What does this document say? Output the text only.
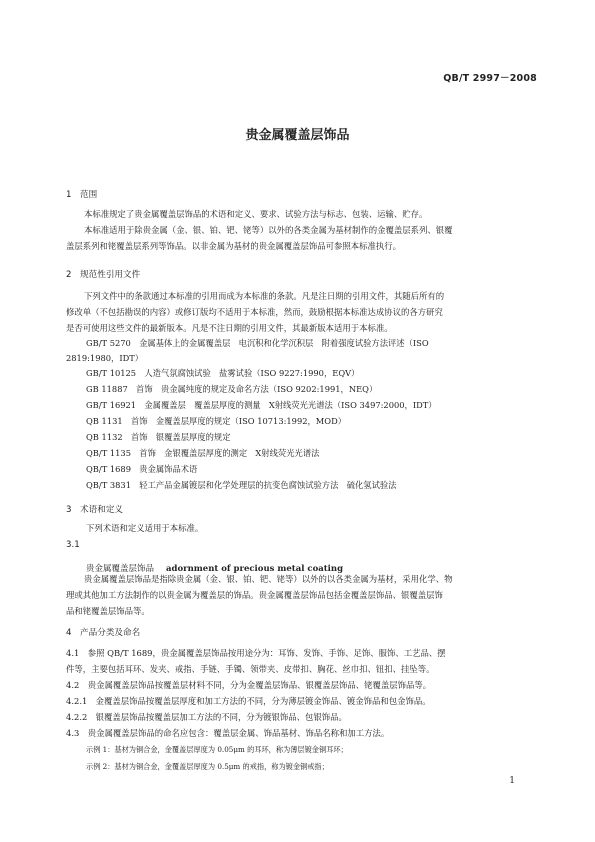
QB/T 2997－2008
贵金属覆盖层饰品
1　范围
本标准规定了贵金属覆盖层饰品的术语和定义、要求、试验方法与标志、包装、运输、贮存。
本标准适用于除贵金属（金、银、铂、钯、铑等）以外的各类金属为基材制作的金覆盖层系列、银覆
盖层系列和铑覆盖层系列等饰品。以非金属为基材的贵金属覆盖层饰品可参照本标准执行。
2　规范性引用文件
下列文件中的条款通过本标准的引用而成为本标准的条款。凡是注日期的引用文件，其随后所有的
修改单（不包括勘误的内容）或修订版均不适用于本标准，然而，鼓励根据本标准达成协议的各方研究
是否可使用这些文件的最新版本。凡是不注日期的引用文件，其最新版本适用于本标准。
GB/T 5270　金属基体上的金属覆盖层　电沉积和化学沉积层　附着强度试验方法评述（ISO
2819:1980，IDT）
GB/T 10125　人造气氛腐蚀试验　盐雾试验（ISO 9227:1990，EQV）
GB 11887　首饰　贵金属纯度的规定及命名方法（ISO 9202:1991，NEQ）
GB/T 16921　金属覆盖层　覆盖层厚度的测量　X射线荧光光谱法（ISO 3497:2000，IDT）
QB 1131　首饰　金覆盖层厚度的规定（ISO 10713:1992，MOD）
QB 1132　首饰　银覆盖层厚度的规定
QB/T 1135　首饰　金银覆盖层厚度的测定　X射线荧光光谱法
QB/T 1689　贵金属饰品术语
QB/T 3831　轻工产品金属镀层和化学处理层的抗变色腐蚀试验方法　硫化氢试验法
3　术语和定义
下列术语和定义适用于本标准。
3.1
贵金属覆盖层饰品 adornment of precious metal coating
贵金属覆盖层饰品是指除贵金属（金、银、铂、钯、铑等）以外的以各类金属为基材，采用化学、物
理或其他加工方法制作的以贵金属为覆盖层的饰品。贵金属覆盖层饰品包括金覆盖层饰品、银覆盖层饰
品和铑覆盖层饰品等。
4　产品分类及命名
4.1　参照 QB/T 1689，贵金属覆盖层饰品按用途分为：耳饰、发饰、手饰、足饰、服饰、工艺品、摆
件等，主要包括耳环、发夹、戒指、手链、手镯、领带夹、皮带扣、胸花、丝巾扣、钮扣、挂坠等。
4.2　贵金属覆盖层饰品按覆盖层材料不同，分为金覆盖层饰品、银覆盖层饰品、铑覆盖层饰品等。
4.2.1　金覆盖层饰品按覆盖层厚度和加工方法的不同，分为薄层镀金饰品、镀金饰品和包金饰品。
4.2.2　银覆盖层饰品按覆盖层加工方法的不同，分为镀银饰品、包银饰品。
4.3　贵金属覆盖层饰品的命名应包含：覆盖层金属、饰品基材、饰品名称和加工方法。
示例 1：基材为铜合金，金覆盖层厚度为 0.05μm 的耳环，称为薄层镀金铜耳环；
示例 2：基材为铜合金，金覆盖层厚度为 0.5μm 的戒指，称为镀金铜戒指；
1
